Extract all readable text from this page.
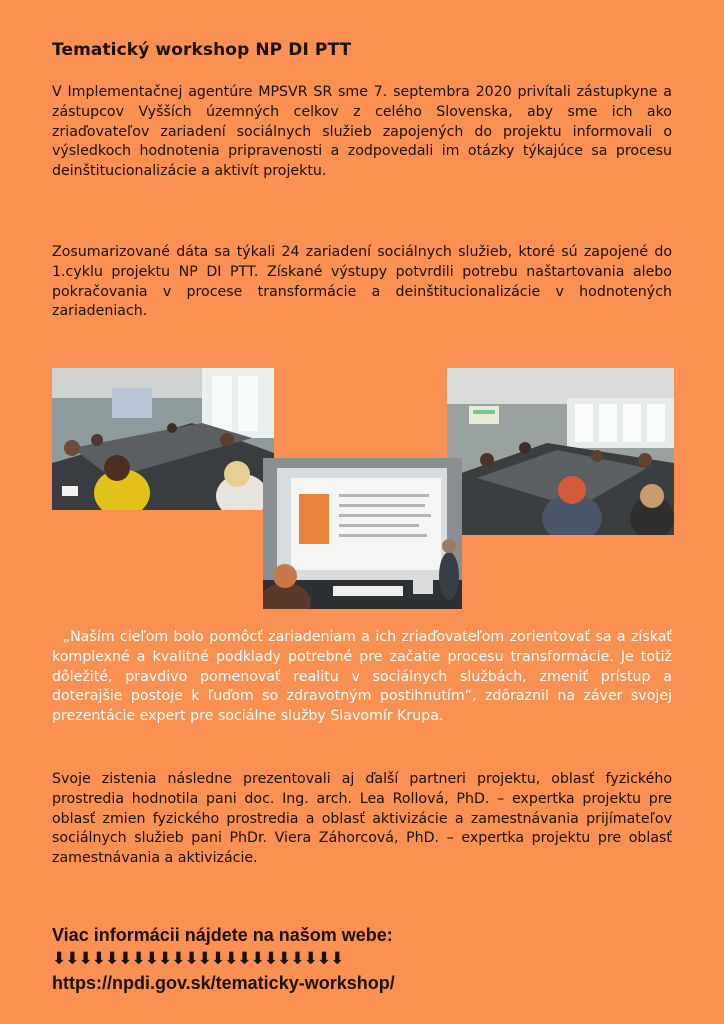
Tematický workshop NP DI PTT

V Implementačnej agentúre MPSVR SR sme 7. septembra 2020 privítali zástupkyne a zástupcov Vyšších územných celkov z celého Slovenska, aby sme ich ako zriaďovateľov zariadení sociálnych služieb zapojených do projektu informovali o výsledkoch hodnotenia pripravenosti a zodpovedali im otázky týkajúce sa procesu deinštitucionalizácie a aktivít projektu.

Zosumarizované dáta sa týkali 24 zariadení sociálnych služieb, ktoré sú zapojené do 1.cyklu projektu NP DI PTT. Získané výstupy potvrdili potrebu naštartovania alebo pokračovania v procese transformácie a deinštitucionalizácie v hodnotených zariadeniach.

„Naším cieľom bolo pomôcť zariadeniam a ich zriaďovateľom zorientovať sa a získať komplexné a kvalitné podklady potrebné pre začatie procesu transformácie. Je totiž dôležité, pravdivo pomenovať realitu v sociálnych službách, zmeniť prístup a doterajšie postoje k ľuďom so zdravotným postihnutím“, zdôraznil na záver svojej prezentácie expert pre sociálne služby Slavomír Krupa.

Svoje zistenia následne prezentovali aj ďalší partneri projektu, oblasť fyzického prostredia hodnotila pani doc. Ing. arch. Lea Rollová, PhD. – expertka projektu pre oblasť zmien fyzického prostredia a oblasť aktivizácie a zamestnávania prijímateľov sociálnych služieb pani PhDr. Viera Záhorcová, PhD. – expertka projektu pre oblasť zamestnávania a aktivizácie.

Viac informácii nájdete na našom webe:
⬇⬇⬇⬇⬇⬇⬇⬇⬇⬇⬇⬇⬇⬇⬇⬇⬇⬇⬇⬇⬇⬇
https://npdi.gov.sk/tematicky-workshop/
